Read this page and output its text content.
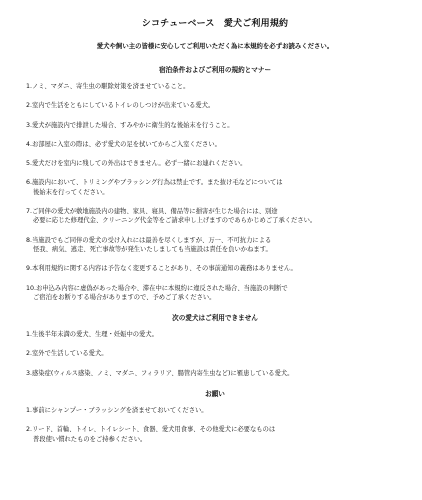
シコチューベース　愛犬ご利用規約
愛犬や飼い主の皆様に安心してご利用いただく為に本規約を必ずお読みください。
宿泊条件およびご利用の規約とマナー
1.ノミ、マダニ、寄生虫の駆除対策を済ませていること。
2.室内で生活をともにしているトイレのしつけが出来ている愛犬。
3.愛犬が施設内で排泄した場合、すみやかに衛生的な後始末を行うこと。
4.お部屋に入室の際は、必ず愛犬の足を拭いてからご入室ください。
5.愛犬だけを室内に残しての外出はできません。必ず一緒にお連れください。
6.施設内において、トリミングやブラッシング行為は禁止です。また抜け毛などについては
後始末を行ってください。
7.ご同伴の愛犬が敷地施設内の建物、家具、寝具、備品等に損害が生じた場合には、別途
必要に応じた修理代金、クリーニング代金等をご請求申し上げますのであらかじめご了承ください。
8.当施設でもご同伴の愛犬の受け入れには最善を尽くしますが、万一、不可抗力による
怪我、病気、逃走、死亡事故等が発生いたしましても当施設は責任を負いかねます。
9.本利用規約に関する内容は予告なく変更することがあり、その事前通知の義務はありません。
10.お申込み内容に虚偽があった場合や、滞在中に本規約に違反された場合、当施設の判断で
ご宿泊をお断りする場合がありますので、予めご了承ください。
次の愛犬はご利用できません
1.生後半年未満の愛犬、生理・妊娠中の愛犬。
2.室外で生活している愛犬。
3.感染症(ウィルス感染、ノミ、マダニ、フィラリア、腸管内寄生虫など)に罹患している愛犬。
お願い
1.事前にシャンプー・ブラッシングを済ませておいてください。
2.リード、首輪、トイレ、トイレシート、食器、愛犬用食事、その他愛犬に必要なものは
普段使い慣れたものをご持参ください。
